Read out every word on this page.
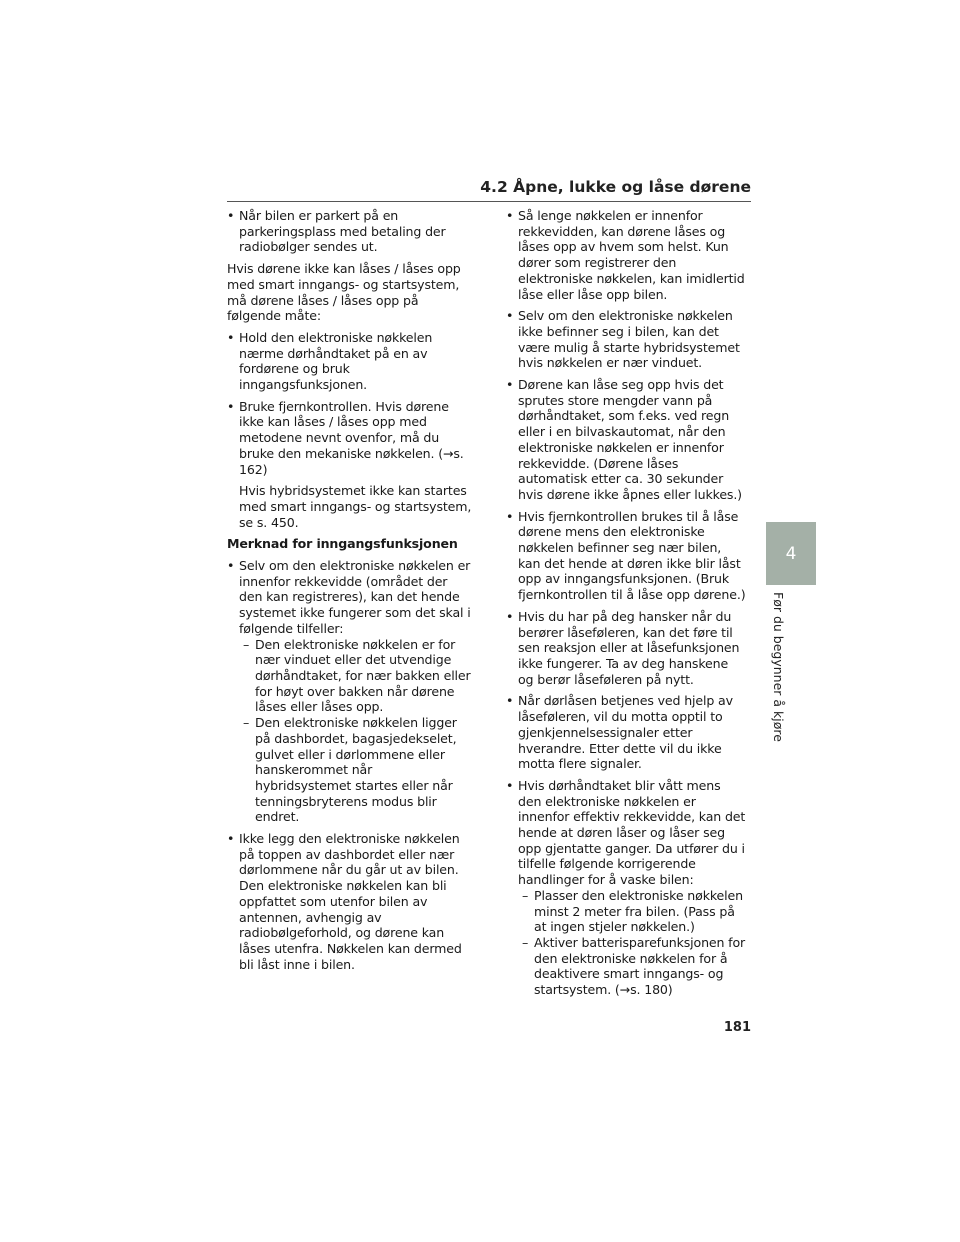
4.2 Åpne, lukke og låse dørene
• Når bilen er parkert på en parkeringsplass med betaling der radiobølger sendes ut.
Hvis dørene ikke kan låses / låses opp med smart inngangs- og startsystem, må dørene låses / låses opp på følgende måte:
• Hold den elektroniske nøkkelen nærme dørhåndtaket på en av fordørene og bruk inngangsfunksjonen.
• Bruke fjernkontrollen. Hvis dørene ikke kan låses / låses opp med metodene nevnt ovenfor, må du bruke den mekaniske nøkkelen. (→s. 162)
Hvis hybridsystemet ikke kan startes med smart inngangs- og startsystem, se s. 450.
Merknad for inngangsfunksjonen
• Selv om den elektroniske nøkkelen er innenfor rekkevidde (området der den kan registreres), kan det hende systemet ikke fungerer som det skal i følgende tilfeller:
– Den elektroniske nøkkelen er for nær vinduet eller det utvendige dørhåndtaket, for nær bakken eller for høyt over bakken når dørene låses eller låses opp.
– Den elektroniske nøkkelen ligger på dashbordet, bagasjedekselet, gulvet eller i dørlommene eller hanskerommet når hybridsystemet startes eller når tenningsbryterens modus blir endret.
• Ikke legg den elektroniske nøkkelen på toppen av dashbordet eller nær dørlommene når du går ut av bilen. Den elektroniske nøkkelen kan bli oppfattet som utenfor bilen av antennen, avhengig av radiobølgeforhold, og dørene kan låses utenfra. Nøkkelen kan dermed bli låst inne i bilen.
• Så lenge nøkkelen er innenfor rekkevidden, kan dørene låses og låses opp av hvem som helst. Kun dører som registrerer den elektroniske nøkkelen, kan imidlertid låse eller låse opp bilen.
• Selv om den elektroniske nøkkelen ikke befinner seg i bilen, kan det være mulig å starte hybridsystemet hvis nøkkelen er nær vinduet.
• Dørene kan låse seg opp hvis det sprutes store mengder vann på dørhåndtaket, som f.eks. ved regn eller i en bilvaskautomat, når den elektroniske nøkkelen er innenfor rekkevidde. (Dørene låses automatisk etter ca. 30 sekunder hvis dørene ikke åpnes eller lukkes.)
• Hvis fjernkontrollen brukes til å låse dørene mens den elektroniske nøkkelen befinner seg nær bilen, kan det hende at døren ikke blir låst opp av inngangsfunksjonen. (Bruk fjernkontrollen til å låse opp dørene.)
• Hvis du har på deg hansker når du berører låseføleren, kan det føre til sen reaksjon eller at låsefunksjonen ikke fungerer. Ta av deg hanskene og berør låseføleren på nytt.
• Når dørlåsen betjenes ved hjelp av låseføleren, vil du motta opptil to gjenkjennelsessignaler etter hverandre. Etter dette vil du ikke motta flere signaler.
• Hvis dørhåndtaket blir vått mens den elektroniske nøkkelen er innenfor effektiv rekkevidde, kan det hende at døren låser og låser seg opp gjentatte ganger. Da utfører du i tilfelle følgende korrigerende handlinger for å vaske bilen:
– Plasser den elektroniske nøkkelen minst 2 meter fra bilen. (Pass på at ingen stjeler nøkkelen.)
– Aktiver batterisparefunksjonen for den elektroniske nøkkelen for å deaktivere smart inngangs- og startsystem. (→s. 180)
4
Før du begynner å kjøre
181
